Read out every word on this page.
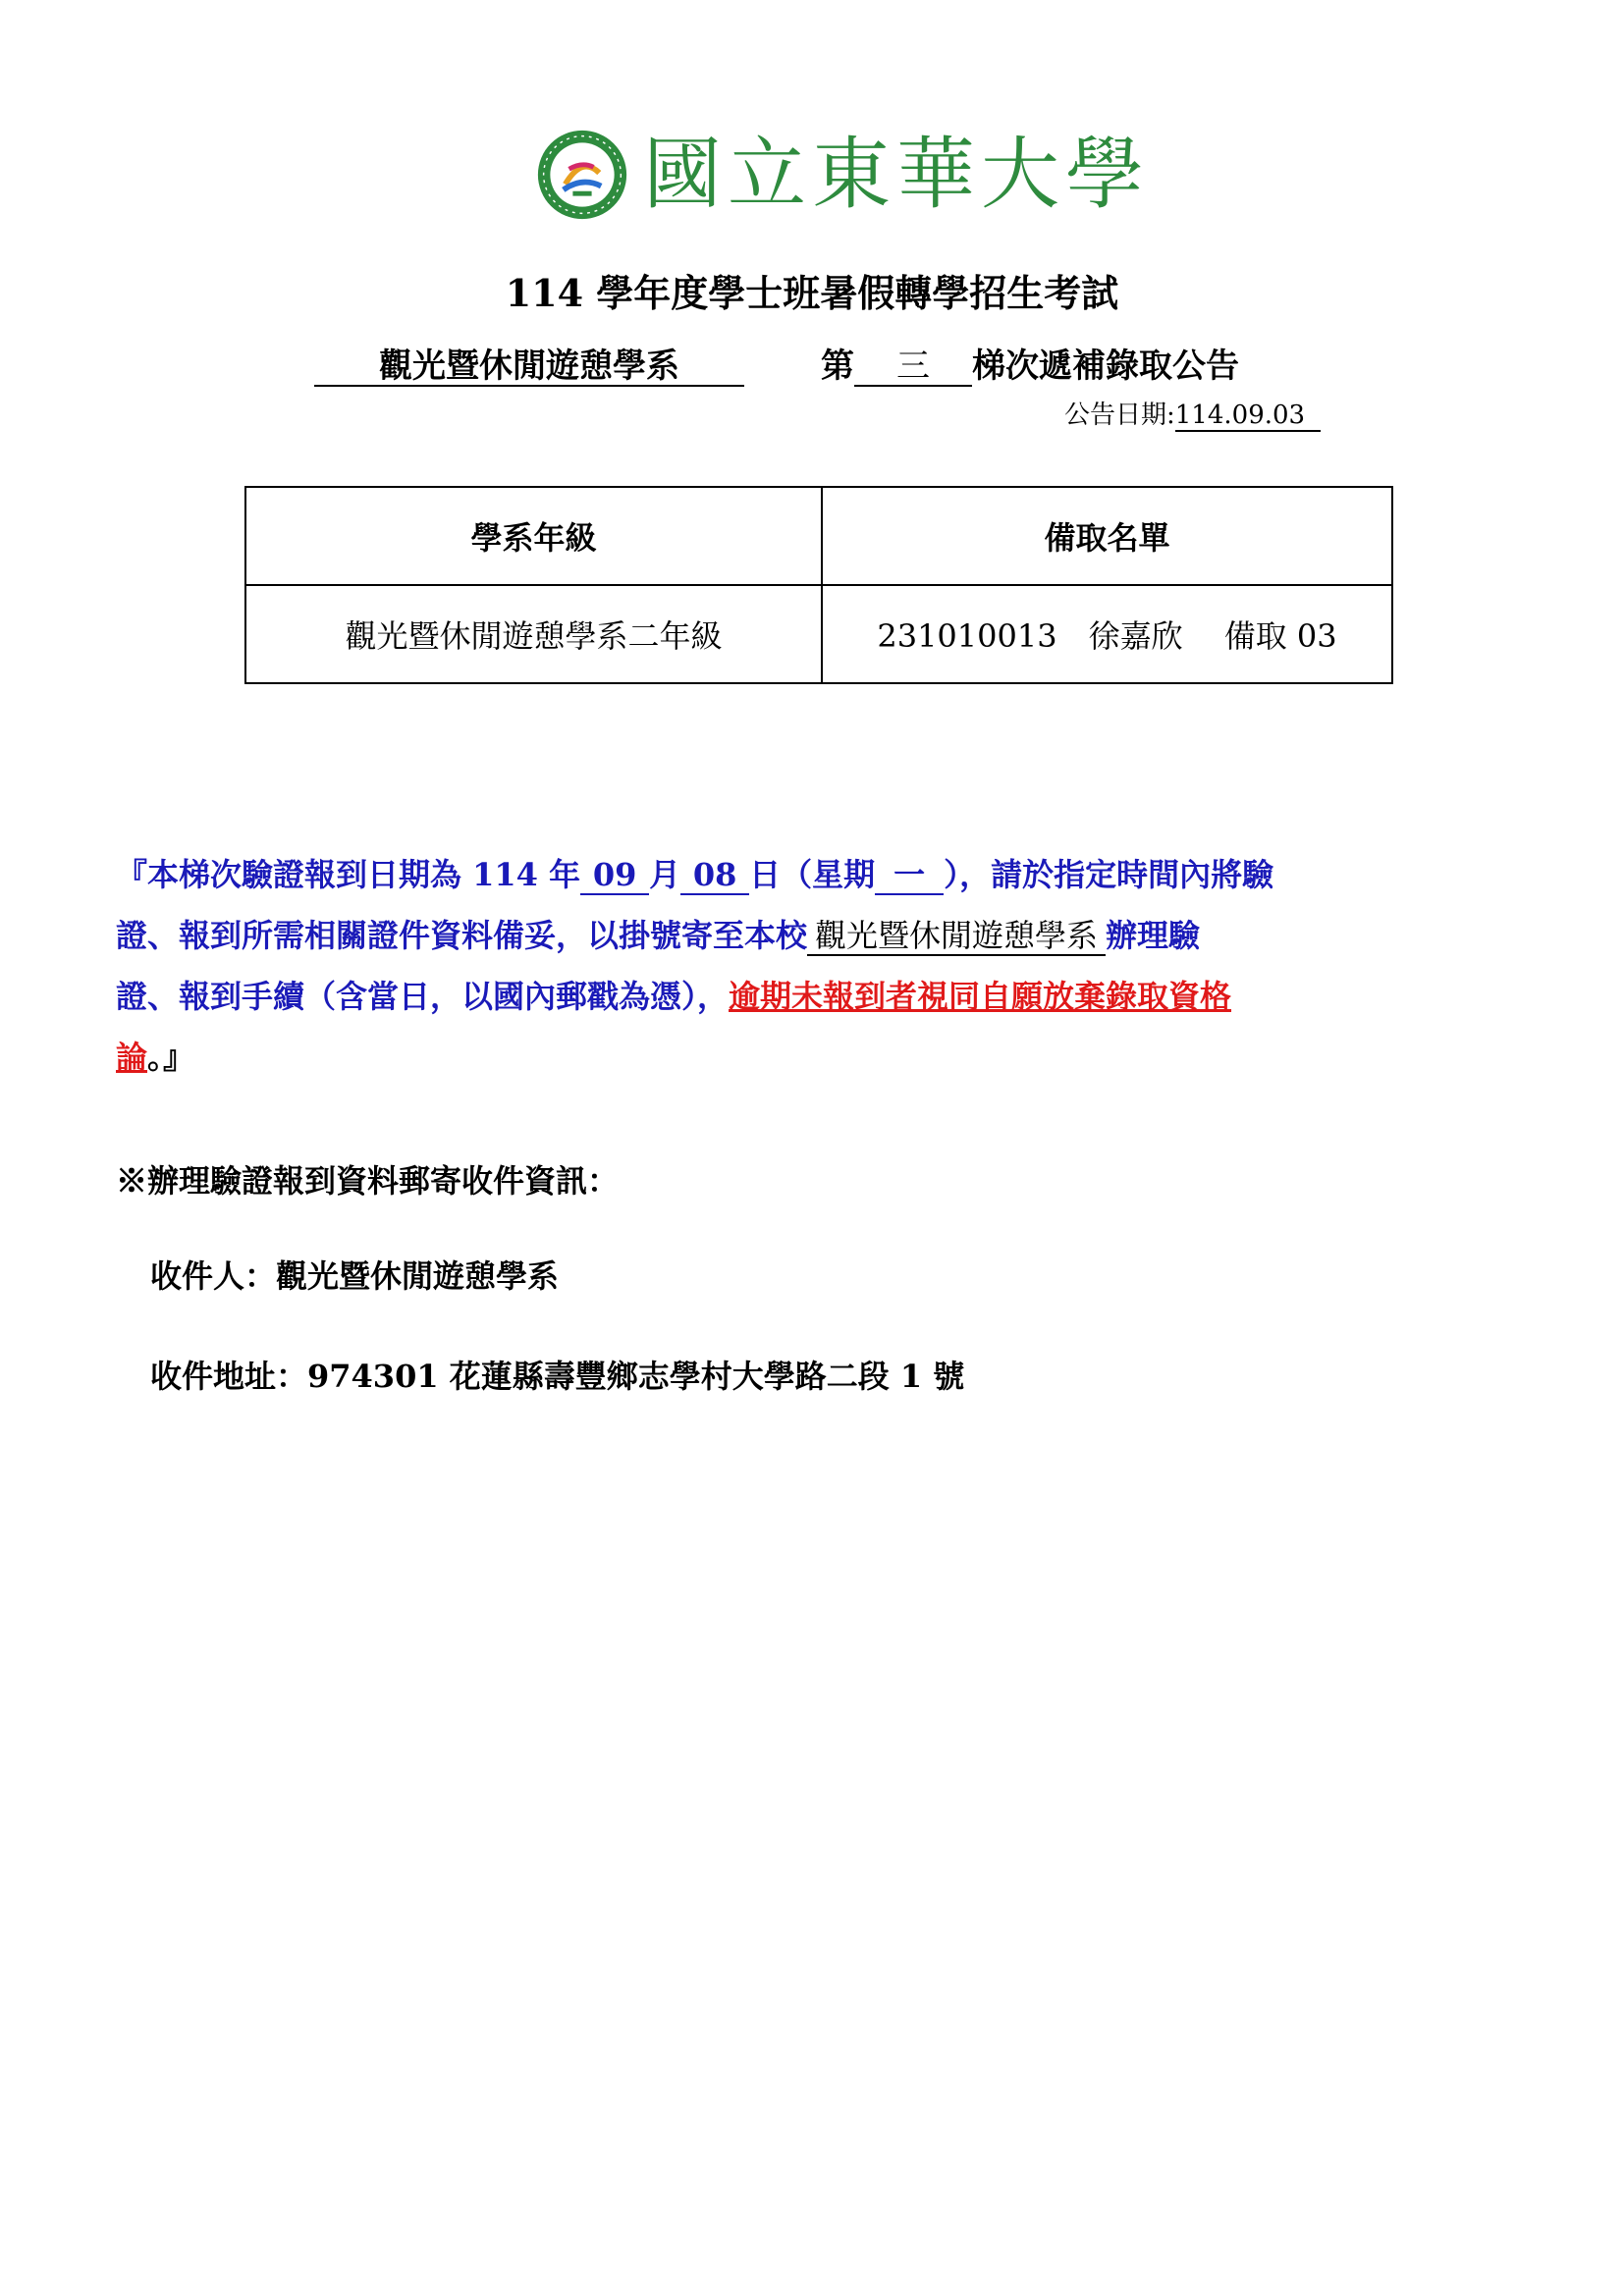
國立東華大學
114 學年度學士班暑假轉學招生考試
觀光暨休閒遊憩學系	第 三 梯次遞補錄取公告
公告日期:114.09.03
學系年級	備取名單
觀光暨休閒遊憩學系二年級	231010013　徐嘉欣　 備取 03
『本梯次驗證報到日期為 114 年 09 月 08 日（星期 一 ），請於指定時間內將驗
證、報到所需相關證件資料備妥，以掛號寄至本校 觀光暨休閒遊憩學系 辦理驗
證、報到手續（含當日，以國內郵戳為憑），逾期未報到者視同自願放棄錄取資格
論。』
※辦理驗證報到資料郵寄收件資訊：
收件人：觀光暨休閒遊憩學系
收件地址：974301 花蓮縣壽豐鄉志學村大學路二段 1 號
